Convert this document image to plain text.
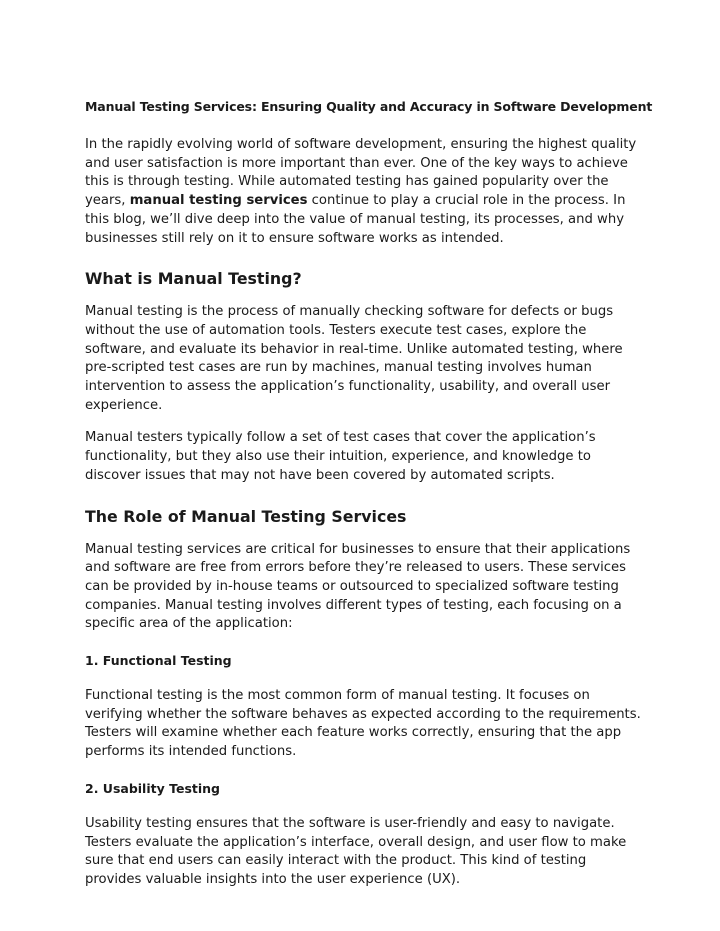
Manual Testing Services: Ensuring Quality and Accuracy in Software Development

In the rapidly evolving world of software development, ensuring the highest quality and user satisfaction is more important than ever. One of the key ways to achieve this is through testing. While automated testing has gained popularity over the years, manual testing services continue to play a crucial role in the process. In this blog, we’ll dive deep into the value of manual testing, its processes, and why businesses still rely on it to ensure software works as intended.

What is Manual Testing?

Manual testing is the process of manually checking software for defects or bugs without the use of automation tools. Testers execute test cases, explore the software, and evaluate its behavior in real-time. Unlike automated testing, where pre-scripted test cases are run by machines, manual testing involves human intervention to assess the application’s functionality, usability, and overall user experience.

Manual testers typically follow a set of test cases that cover the application’s functionality, but they also use their intuition, experience, and knowledge to discover issues that may not have been covered by automated scripts.

The Role of Manual Testing Services

Manual testing services are critical for businesses to ensure that their applications and software are free from errors before they’re released to users. These services can be provided by in-house teams or outsourced to specialized software testing companies. Manual testing involves different types of testing, each focusing on a specific area of the application:

1. Functional Testing

Functional testing is the most common form of manual testing. It focuses on verifying whether the software behaves as expected according to the requirements. Testers will examine whether each feature works correctly, ensuring that the app performs its intended functions.

2. Usability Testing

Usability testing ensures that the software is user-friendly and easy to navigate. Testers evaluate the application’s interface, overall design, and user flow to make sure that end users can easily interact with the product. This kind of testing provides valuable insights into the user experience (UX).
